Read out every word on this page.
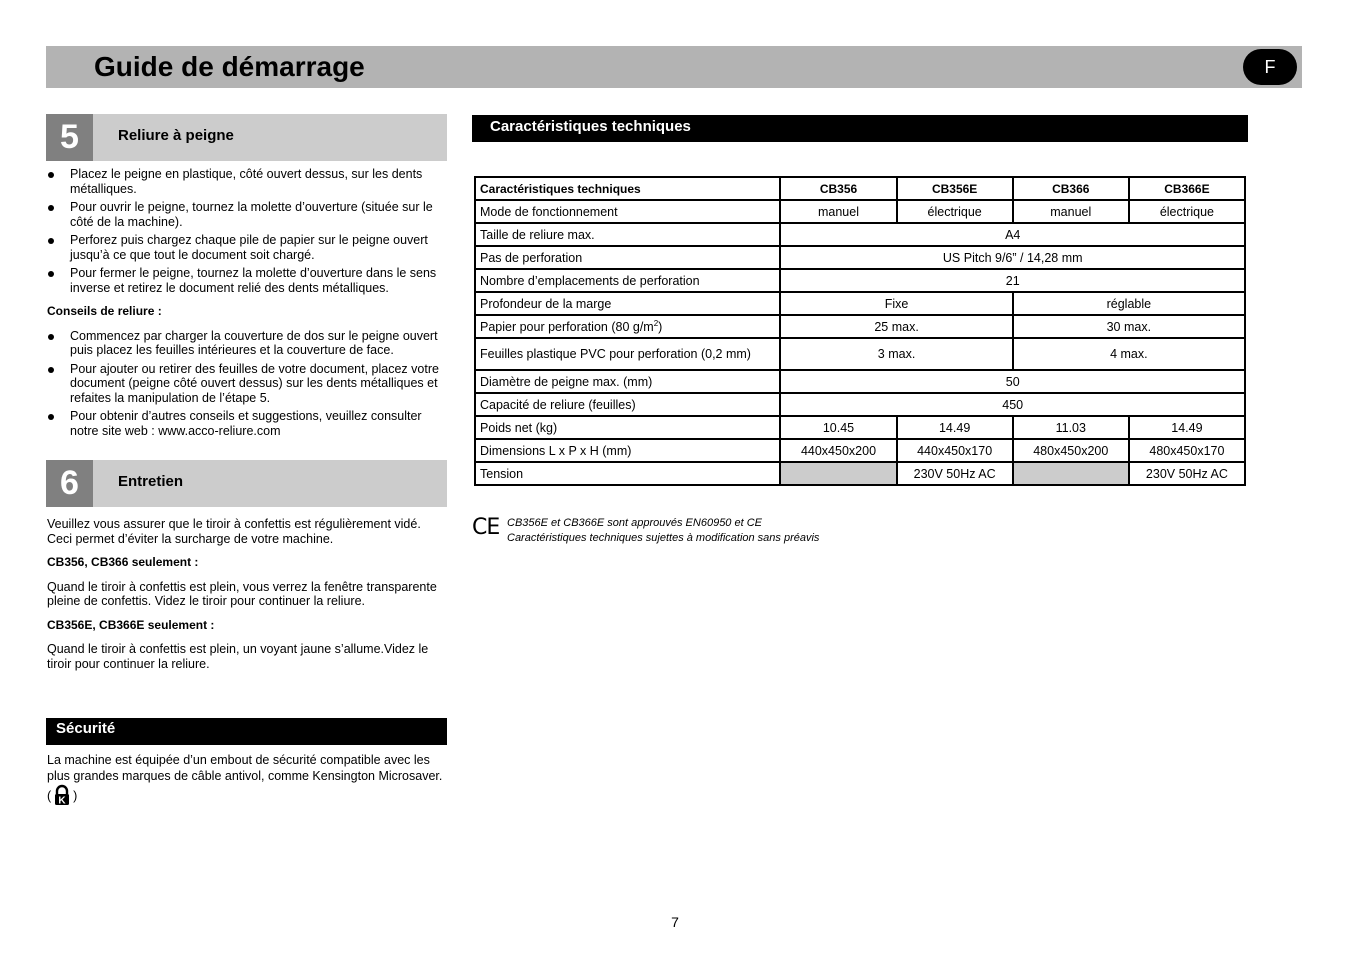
Guide de démarrage	F
5	Reliure à peigne
Placez le peigne en plastique, côté ouvert dessus, sur les dents métalliques.
Pour ouvrir le peigne, tournez la molette d’ouverture (située sur le côté de la machine).
Perforez puis chargez chaque pile de papier sur le peigne ouvert jusqu’à ce que tout le document soit chargé.
Pour fermer le peigne, tournez la molette d’ouverture dans le sens inverse et retirez le document relié des dents métalliques.

Conseils de reliure :

Commencez par charger la couverture de dos sur le peigne ouvert puis placez les feuilles intérieures et la couverture de face.
Pour ajouter ou retirer des feuilles de votre document, placez votre document (peigne côté ouvert dessus) sur les dents métalliques et refaites la manipulation de l’étape 5.
Pour obtenir d’autres conseils et suggestions, veuillez consulter notre site web : www.acco-reliure.com
6	Entretien

Veuillez vous assurer que le tiroir à confettis est régulièrement vidé. Ceci permet d’éviter la surcharge de votre machine.

CB356, CB366 seulement :

Quand le tiroir à confettis est plein, vous verrez la fenêtre transparente pleine de confettis. Videz le tiroir pour continuer la reliure.

CB356E, CB366E seulement :

Quand le tiroir à confettis est plein, un voyant jaune s’allume.Videz le tiroir pour continuer la reliure.

Sécurité
La machine est équipée d’un embout de sécurité compatible avec les plus grandes marques de câble antivol, comme Kensington Microsaver. ( K )
Caractéristiques techniques
Caractéristiques techniques	CB356	CB356E	CB366	CB366E
Mode de fonctionnement	manuel	électrique	manuel	électrique
Taille de reliure max.	A4			
Pas de perforation	US Pitch 9/6” / 14,28 mm			
Nombre d’emplacements de perforation	21			
Profondeur de la marge	Fixe		réglable	
Papier pour perforation (80 $g/m^2$)	25 max.		30 max.	
Feuilles plastique PVC pour perforation (0,2 mm)	3 max.		4 max.	
Diamètre de peigne max. (mm)	50			
Capacité de reliure (feuilles)	450			
Poids net (kg)	10.45	14.49	11.03	14.49
Dimensions L x P x H (mm)	440x450x200	440x450x170	480x450x200	480x450x170
Tension		230V 50Hz AC		230V 50Hz AC
CE CB356E et CB366E sont approuvés EN60950 et CE
Caractéristiques techniques sujettes à modification sans préavis
7
